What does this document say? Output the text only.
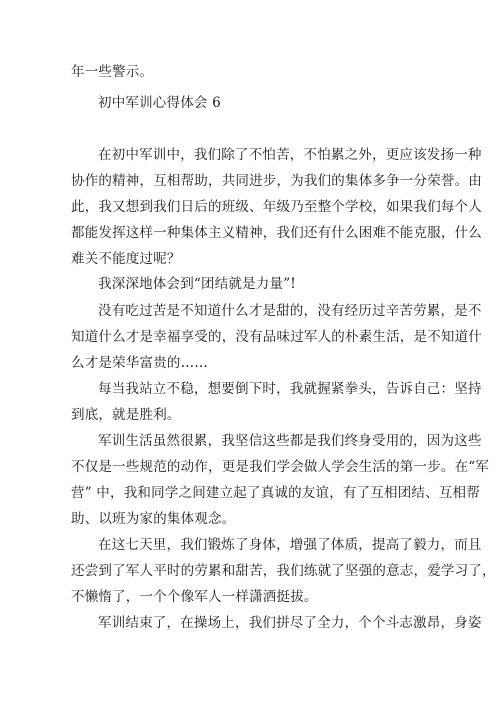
年一些警示。
初中军训心得体会 6
在初中军训中，我们除了不怕苦，不怕累之外，更应该发扬一种
协作的精神，互相帮助，共同进步，为我们的集体多争一分荣誉。由
此，我又想到我们日后的班级、年级乃至整个学校，如果我们每个人
都能发挥这样一种集体主义精神，我们还有什么困难不能克服，什么
难关不能度过呢？
我深深地体会到“团结就是力量”!
没有吃过苦是不知道什么才是甜的，没有经历过辛苦劳累，是不
知道什么才是幸福享受的，没有品味过军人的朴素生活，是不知道什
么才是荣华富贵的……
每当我站立不稳，想要倒下时，我就握紧拳头，告诉自己：坚持
到底，就是胜利。
军训生活虽然很累，我坚信这些都是我们终身受用的，因为这些
不仅是一些规范的动作，更是我们学会做人学会生活的第一步。在“军
营” 中，我和同学之间建立起了真诚的友谊，有了互相团结、互相帮
助、以班为家的集体观念。
在这七天里，我们锻炼了身体，增强了体质，提高了毅力，而且
还尝到了军人平时的劳累和甜苦，我们练就了坚强的意志，爱学习了，
不懒惰了，一个个像军人一样潇洒挺拔。
军训结束了，在操场上，我们拼尽了全力，个个斗志激昂，身姿
